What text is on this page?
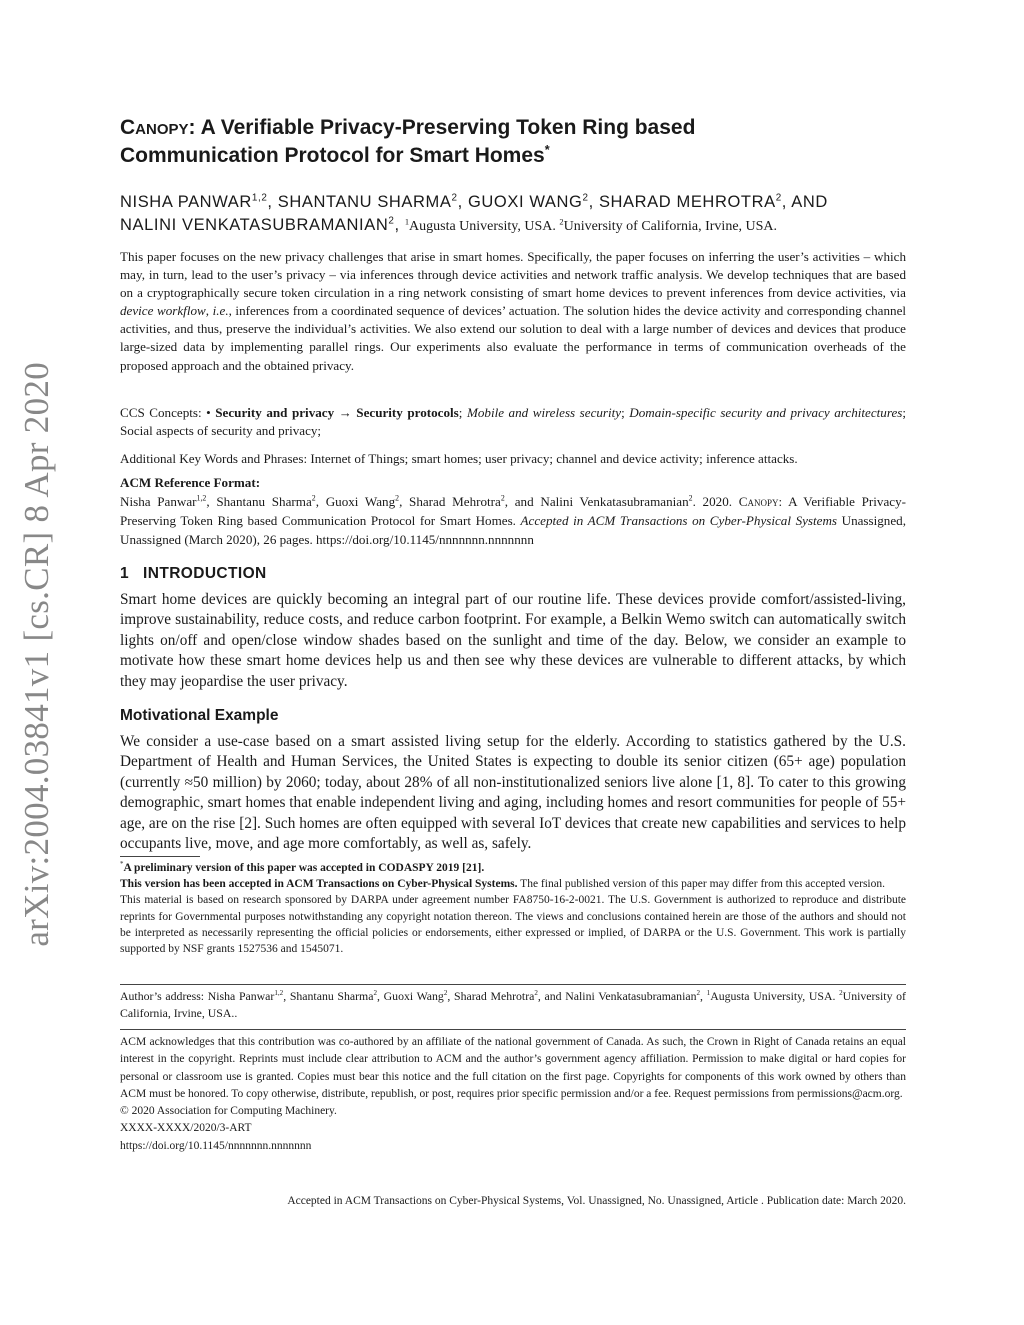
arXiv:2004.03841v1 [cs.CR] 8 Apr 2020
Canopy: A Verifiable Privacy-Preserving Token Ring based
Communication Protocol for Smart Homes*
NISHA PANWAR$^{1,2}$, SHANTANU SHARMA$^2$, GUOXI WANG$^2$, SHARAD MEHROTRA$^2$, AND
NALINI VENKATASUBRAMANIAN$^2$, $^1$Augusta University, USA. $^2$University of California, Irvine, USA.

This paper focuses on the new privacy challenges that arise in smart homes. Specifically, the paper focuses on inferring the user’s activities – which may, in turn, lead to the user’s privacy – via inferences through device activities and network traffic analysis. We develop techniques that are based on a cryptographically secure token circulation in a ring network consisting of smart home devices to prevent inferences from device activities, via device workflow, i.e., inferences from a coordinated sequence of devices’ actuation. The solution hides the device activity and corresponding channel activities, and thus, preserve the individual’s activities. We also extend our solution to deal with a large number of devices and devices that produce large-sized data by implementing parallel rings. Our experiments also evaluate the performance in terms of communication overheads of the proposed approach and the obtained privacy.

CCS Concepts: • Security and privacy → Security protocols; Mobile and wireless security; Domain-specific security and privacy architectures; Social aspects of security and privacy;

Additional Key Words and Phrases: Internet of Things; smart homes; user privacy; channel and device activity; inference attacks.

ACM Reference Format:

Nisha Panwar$^{1,2}$, Shantanu Sharma$^2$, Guoxi Wang$^2$, Sharad Mehrotra$^2$, and Nalini Venkatasubramanian$^2$. 2020. Canopy: A Verifiable Privacy-Preserving Token Ring based Communication Protocol for Smart Homes. Accepted in ACM Transactions on Cyber-Physical Systems Unassigned, Unassigned (March 2020), 26 pages. https://doi.org/10.1145/nnnnnnn.nnnnnnn

1 INTRODUCTION

Smart home devices are quickly becoming an integral part of our routine life. These devices provide comfort/assisted-living, improve sustainability, reduce costs, and reduce carbon footprint. For example, a Belkin Wemo switch can automatically switch lights on/off and open/close window shades based on the sunlight and time of the day. Below, we consider an example to motivate how these smart home devices help us and then see why these devices are vulnerable to different attacks, by which they may jeopardise the user privacy.

Motivational Example

We consider a use-case based on a smart assisted living setup for the elderly. According to statistics gathered by the U.S. Department of Health and Human Services, the United States is expecting to double its senior citizen (65+ age) population (currently ≈50 million) by 2060; today, about 28% of all non-institutionalized seniors live alone [1, 8]. To cater to this growing demographic, smart homes that enable independent living and aging, including homes and resort communities for people of 55+ age, are on the rise [2]. Such homes are often equipped with several IoT devices that create new capabilities and services to help occupants live, move, and age more comfortably, as well as, safely.

*A preliminary version of this paper was accepted in CODASPY 2019 [21].

This version has been accepted in ACM Transactions on Cyber-Physical Systems. The final published version of this paper may differ from this accepted version.

This material is based on research sponsored by DARPA under agreement number FA8750-16-2-0021. The U.S. Government is authorized to reproduce and distribute reprints for Governmental purposes notwithstanding any copyright notation thereon. The views and conclusions contained herein are those of the authors and should not be interpreted as necessarily representing the official policies or endorsements, either expressed or implied, of DARPA or the U.S. Government. This work is partially supported by NSF grants 1527536 and 1545071.

Author’s address: Nisha Panwar$^{1,2}$, Shantanu Sharma$^2$, Guoxi Wang$^2$, Sharad Mehrotra$^2$, and Nalini Venkatasubramanian$^2$, $^1$Augusta University, USA. $^2$University of California, Irvine, USA..

ACM acknowledges that this contribution was co-authored by an affiliate of the national government of Canada. As such, the Crown in Right of Canada retains an equal interest in the copyright. Reprints must include clear attribution to ACM and the author’s government agency affiliation. Permission to make digital or hard copies for personal or classroom use is granted. Copies must bear this notice and the full citation on the first page. Copyrights for components of this work owned by others than ACM must be honored. To copy otherwise, distribute, republish, or post, requires prior specific permission and/or a fee. Request permissions from permissions@acm.org.

© 2020 Association for Computing Machinery.

XXXX-XXXX/2020/3-ART

https://doi.org/10.1145/nnnnnnn.nnnnnnn

Accepted in ACM Transactions on Cyber-Physical Systems, Vol. Unassigned, No. Unassigned, Article . Publication date: March 2020.
